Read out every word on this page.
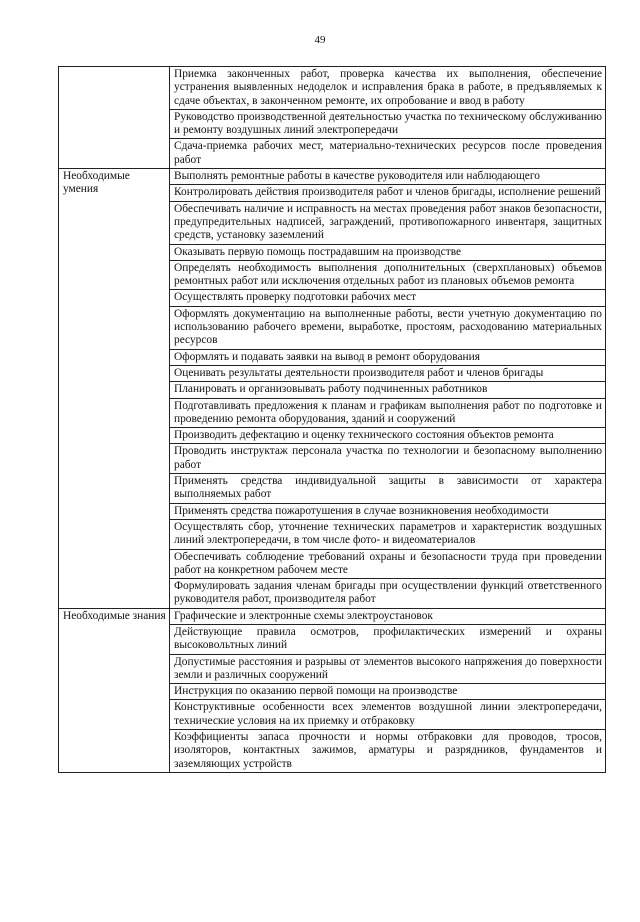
49
	Приемка законченных работ, проверка качества их выполнения, обеспечение устранения выявленных недоделок и исправления брака в работе, в предъявляемых к сдаче объектах, в законченном ремонте, их опробование и ввод в работу
	Руководство производственной деятельностью участка по техническому обслуживанию и ремонту воздушных линий электропередачи
	Сдача-приемка рабочих мест, материально-технических ресурсов после проведения работ
Необходимые умения	Выполнять ремонтные работы в качестве руководителя или наблюдающего
	Контролировать действия производителя работ и членов бригады, исполнение решений
	Обеспечивать наличие и исправность на местах проведения работ знаков безопасности, предупредительных надписей, заграждений, противопожарного инвентаря, защитных средств, установку заземлений
	Оказывать первую помощь пострадавшим на производстве
	Определять необходимость выполнения дополнительных (сверхплановых) объемов ремонтных работ или исключения отдельных работ из плановых объемов ремонта
	Осуществлять проверку подготовки рабочих мест
	Оформлять документацию на выполненные работы, вести учетную документацию по использованию рабочего времени, выработке, простоям, расходованию материальных ресурсов
	Оформлять и подавать заявки на вывод в ремонт оборудования
	Оценивать результаты деятельности производителя работ и членов бригады
	Планировать и организовывать работу подчиненных работников
	Подготавливать предложения к планам и графикам выполнения работ по подготовке и проведению ремонта оборудования, зданий и сооружений
	Производить дефектацию и оценку технического состояния объектов ремонта
	Проводить инструктаж персонала участка по технологии и безопасному выполнению работ
	Применять средства индивидуальной защиты в зависимости от характера выполняемых работ
	Применять средства пожаротушения в случае возникновения необходимости
	Осуществлять сбор, уточнение технических параметров и характеристик воздушных линий электропередачи, в том числе фото- и видеоматериалов
	Обеспечивать соблюдение требований охраны и безопасности труда при проведении работ на конкретном рабочем месте
	Формулировать задания членам бригады при осуществлении функций ответственного руководителя работ, производителя работ
Необходимые знания	Графические и электронные схемы электроустановок
	Действующие правила осмотров, профилактических измерений и охраны высоковольтных линий
	Допустимые расстояния и разрывы от элементов высокого напряжения до поверхности земли и различных сооружений
	Инструкция по оказанию первой помощи на производстве
	Конструктивные особенности всех элементов воздушной линии электропередачи, технические условия на их приемку и отбраковку
	Коэффициенты запаса прочности и нормы отбраковки для проводов, тросов, изоляторов, контактных зажимов, арматуры и разрядников, фундаментов и заземляющих устройств
